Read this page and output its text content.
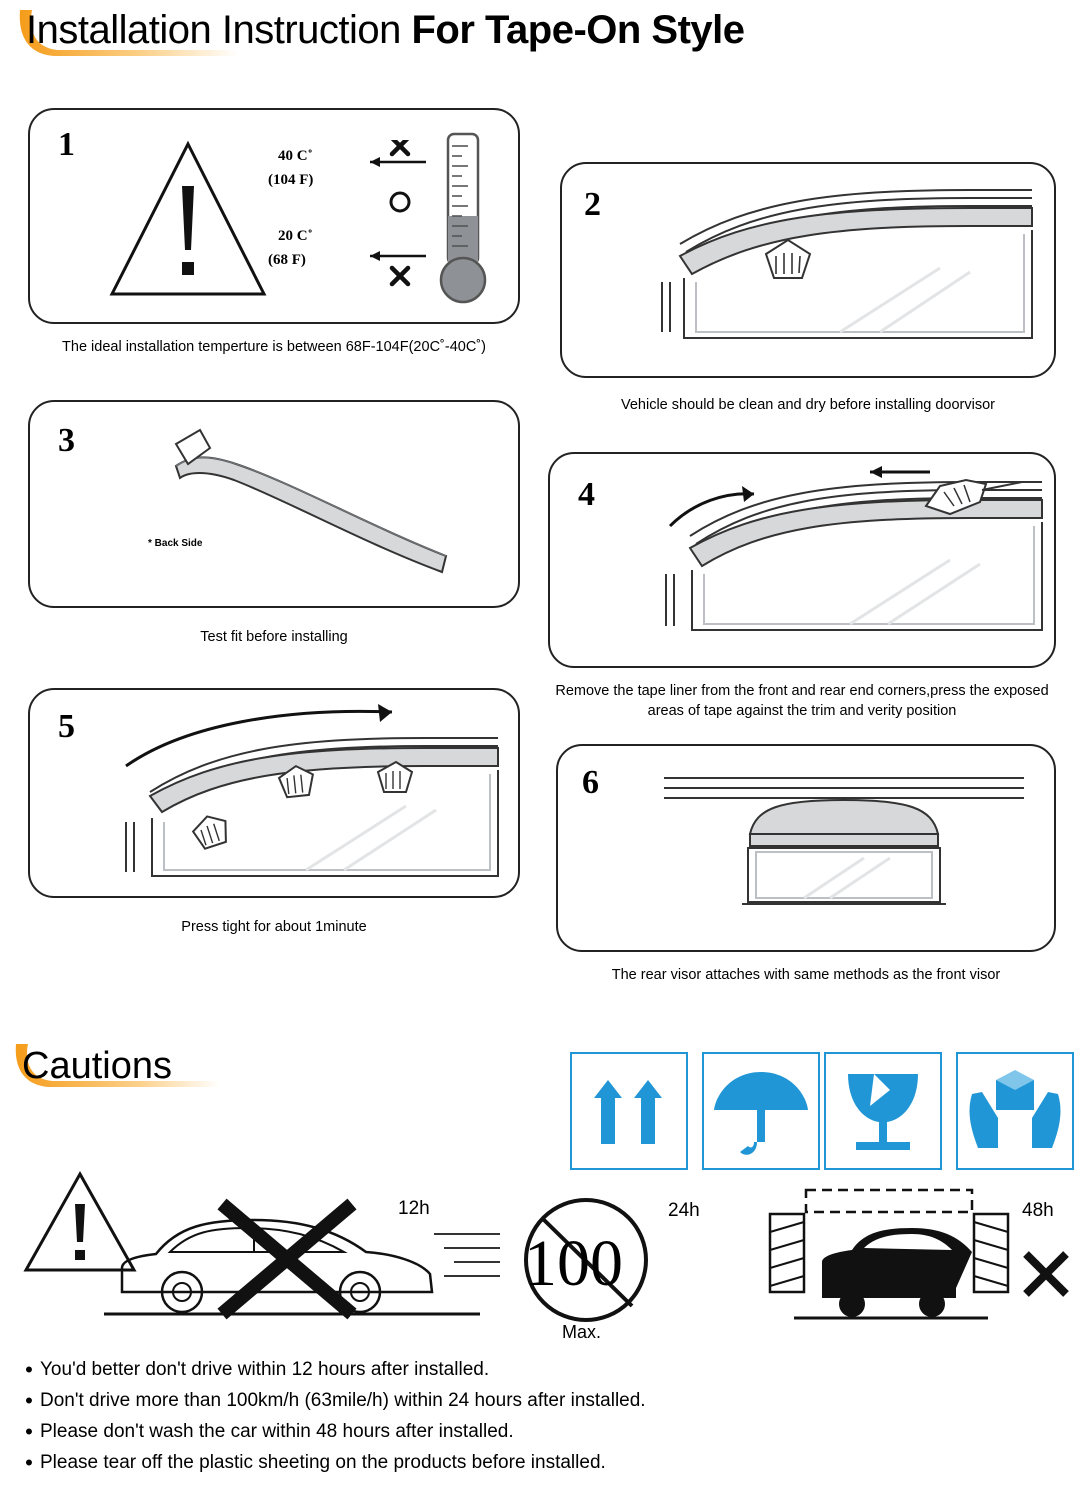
Installation Instruction For Tape-On Style
1	40 C˚
(104 F)
20 C˚
(68 F)
The ideal installation temperture is between 68F-104F(20C˚-40C˚)
2
Vehicle should be clean and dry before installing doorvisor
3
* Back Side
Test fit before installing
4
Remove the tape liner from the front and rear end corners,press the exposed areas of tape against the trim and verity position
5
Press tight for about 1minute
6
The rear visor attaches with same methods as the front visor
Cautions
12h
100
Max.
24h	48h
• You'd better don't drive within 12 hours after installed.
• Don't drive more than 100km/h (63mile/h) within 24 hours after installed.
• Please don't wash the car within 48 hours after installed.
• Please tear off the plastic sheeting on the products before installed.
